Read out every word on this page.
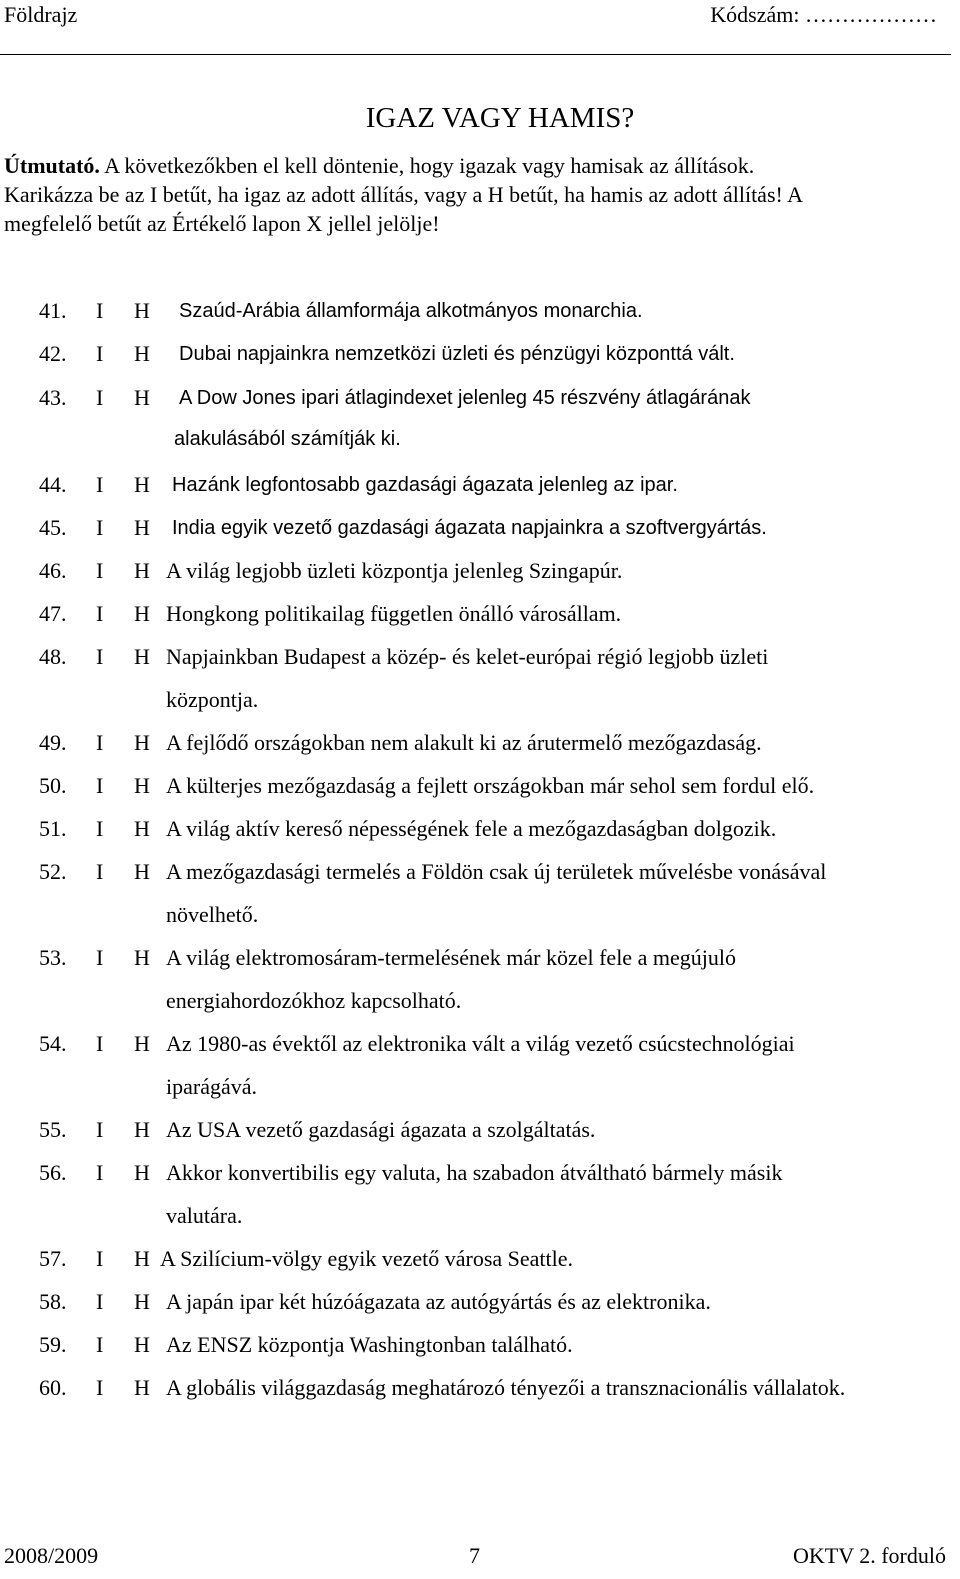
Földrajz	Kódszám: ………………
IGAZ VAGY HAMIS?
Útmutató. A következőkben el kell döntenie, hogy igazak vagy hamisak az állítások.
Karikázza be az I betűt, ha igaz az adott állítás, vagy a H betűt, ha hamis az adott állítás! A
megfelelő betűt az Értékelő lapon X jellel jelölje!
41. I H Szaúd-Arábia államformája alkotmányos monarchia.
42. I H Dubai napjainkra nemzetközi üzleti és pénzügyi központtá vált.
43. I H A Dow Jones ipari átlagindexet jelenleg 45 részvény átlagárának
alakulásából számítják ki.
44. I H Hazánk legfontosabb gazdasági ágazata jelenleg az ipar.
45. I H India egyik vezető gazdasági ágazata napjainkra a szoftvergyártás.
46. I H A világ legjobb üzleti központja jelenleg Szingapúr.
47. I H Hongkong politikailag független önálló városállam.
48. I H Napjainkban Budapest a közép- és kelet-európai régió legjobb üzleti
központja.
49. I H A fejlődő országokban nem alakult ki az árutermelő mezőgazdaság.
50. I H A külterjes mezőgazdaság a fejlett országokban már sehol sem fordul elő.
51. I H A világ aktív kereső népességének fele a mezőgazdaságban dolgozik.
52. I H A mezőgazdasági termelés a Földön csak új területek művelésbe vonásával
növelhető.
53. I H A világ elektromosáram-termelésének már közel fele a megújuló
energiahordozókhoz kapcsolható.
54. I H Az 1980-as évektől az elektronika vált a világ vezető csúcstechnológiai
iparágává.
55. I H Az USA vezető gazdasági ágazata a szolgáltatás.
56. I H Akkor konvertibilis egy valuta, ha szabadon átváltható bármely másik
valutára.
57. I H A Szilícium-völgy egyik vezető városa Seattle.
58. I H A japán ipar két húzóágazata az autógyártás és az elektronika.
59. I H Az ENSZ központja Washingtonban található.
60. I H A globális világgazdaság meghatározó tényezői a transznacionális vállalatok.
2008/2009	7	OKTV 2. forduló
